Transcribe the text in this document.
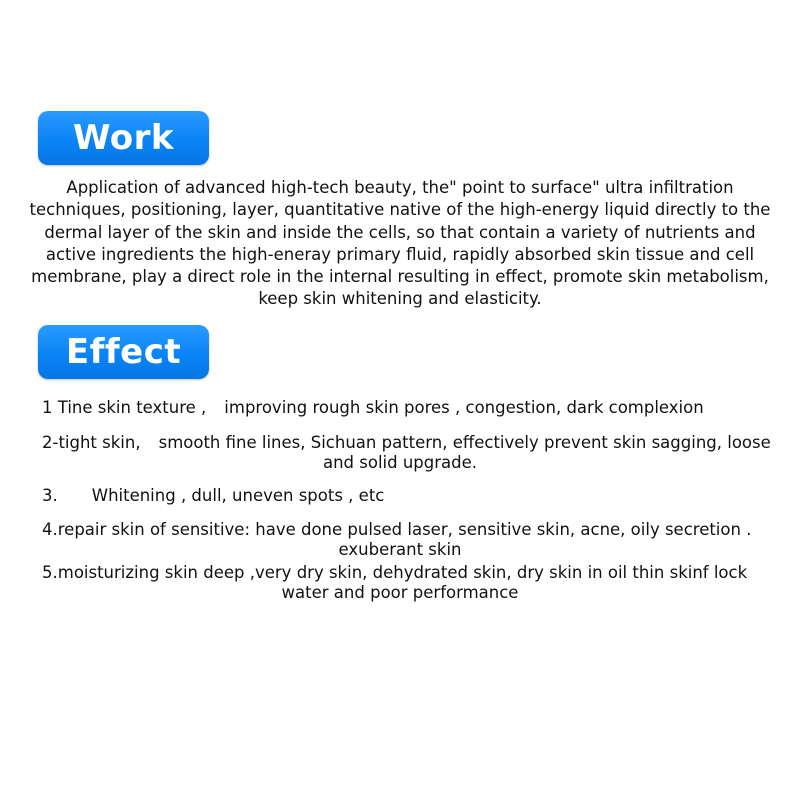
Work
Application of advanced high-tech beauty, the" point to surface" ultra infiltration techniques, positioning, layer, quantitative native of the high-energy liquid directly to the dermal layer of the skin and inside the cells, so that contain a variety of nutrients and active ingredients the high-eneray primary fluid, rapidly absorbed skin tissue and cell membrane, play a direct role in the internal resulting in effect, promote skin metabolism, keep skin whitening and elasticity.
Effect
1 Tine skin texture , improving rough skin pores , congestion, dark complexion
2-tight skin, smooth fine lines, Sichuan pattern, effectively prevent skin sagging, loose
and solid upgrade.
3. Whitening , dull, uneven spots , etc
4.repair skin of sensitive: have done pulsed laser, sensitive skin, acne, oily secretion .
exuberant skin
5.moisturizing skin deep ,very dry skin, dehydrated skin, dry skin in oil thin skinf lock
water and poor performance
